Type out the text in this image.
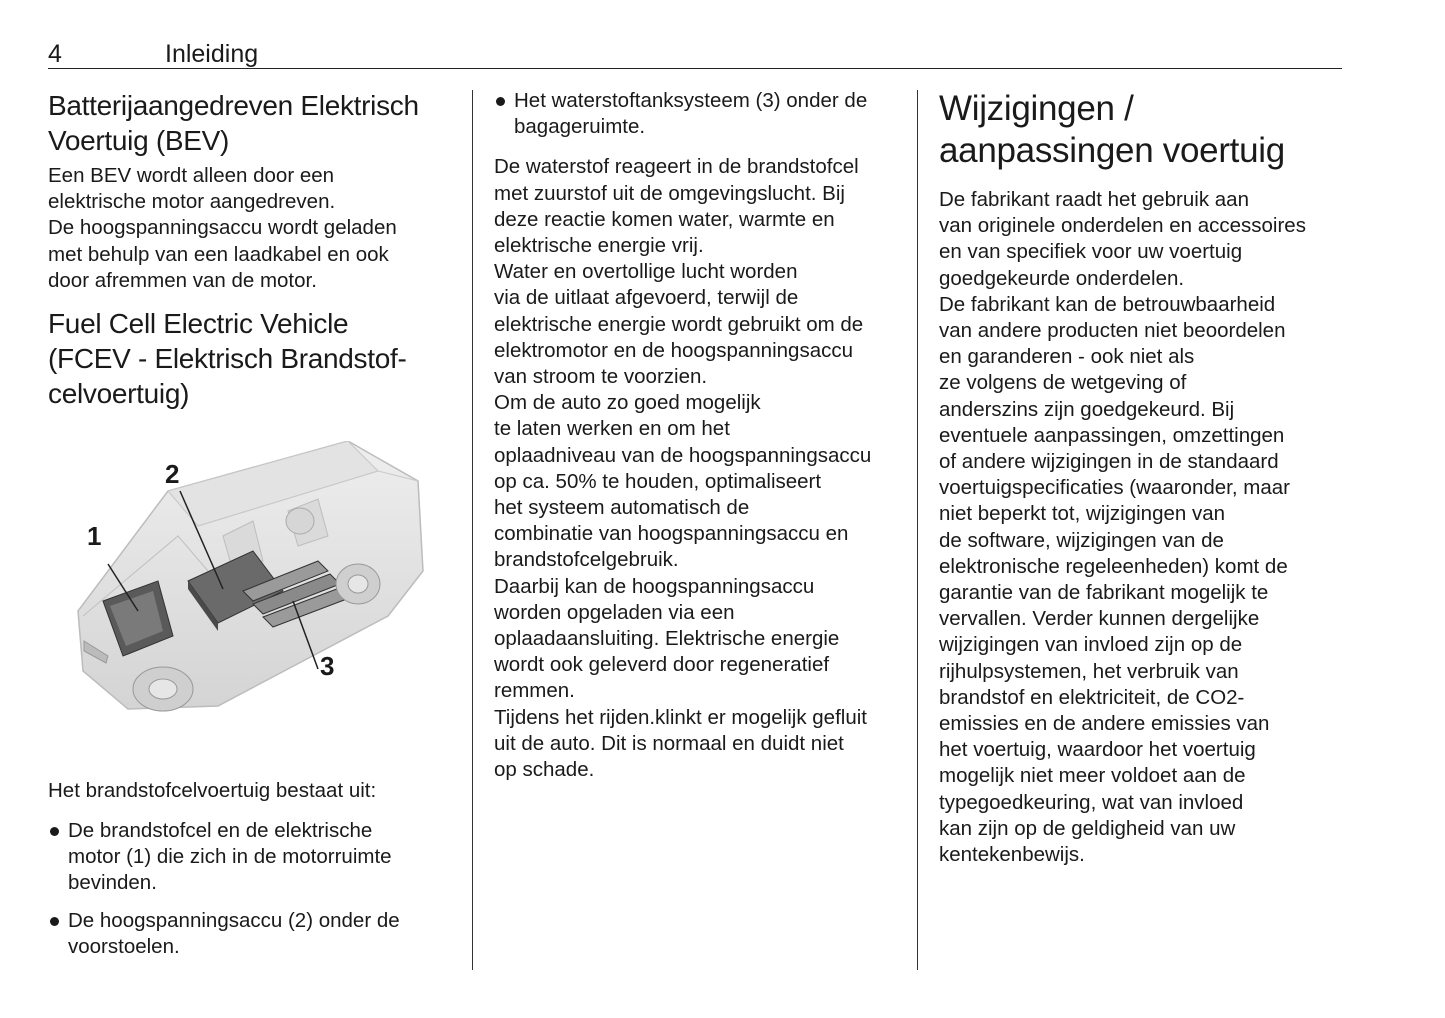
4	Inleiding
Batterijaangedreven Elektrisch
Voertuig (BEV)
Een BEV wordt alleen door een
elektrische motor aangedreven.
De hoogspanningsaccu wordt geladen
met behulp van een laadkabel en ook
door afremmen van de motor.
Fuel Cell Electric Vehicle
(FCEV - Elektrisch Brandstof-
celvoertuig)
1
2
3
Het brandstofcelvoertuig bestaat uit:
De brandstofcel en de elektrische
motor (1) die zich in de motorruimte
bevinden.
De hoogspanningsaccu (2) onder de
voorstoelen.
Het waterstoftanksysteem (3) onder de
bagageruimte.
De waterstof reageert in de brandstofcel
met zuurstof uit de omgevingslucht. Bij
deze reactie komen water, warmte en
elektrische energie vrij.
Water en overtollige lucht worden
via de uitlaat afgevoerd, terwijl de
elektrische energie wordt gebruikt om de
elektromotor en de hoogspanningsaccu
van stroom te voorzien.
Om de auto zo goed mogelijk
te laten werken en om het
oplaadniveau van de hoogspanningsaccu
op ca. 50% te houden, optimaliseert
het systeem automatisch de
combinatie van hoogspanningsaccu en
brandstofcelgebruik.
Daarbij kan de hoogspanningsaccu
worden opgeladen via een
oplaadaansluiting. Elektrische energie
wordt ook geleverd door regeneratief
remmen.
Tijdens het rijden.klinkt er mogelijk gefluit
uit de auto. Dit is normaal en duidt niet
op schade.
Wijzigingen /
aanpassingen voertuig
De fabrikant raadt het gebruik aan
van originele onderdelen en accessoires
en van specifiek voor uw voertuig
goedgekeurde onderdelen.
De fabrikant kan de betrouwbaarheid
van andere producten niet beoordelen
en garanderen - ook niet als
ze volgens de wetgeving of
anderszins zijn goedgekeurd. Bij
eventuele aanpassingen, omzettingen
of andere wijzigingen in de standaard
voertuigspecificaties (waaronder, maar
niet beperkt tot, wijzigingen van
de software, wijzigingen van de
elektronische regeleenheden) komt de
garantie van de fabrikant mogelijk te
vervallen. Verder kunnen dergelijke
wijzigingen van invloed zijn op de
rijhulpsystemen, het verbruik van
brandstof en elektriciteit, de CO2-
emissies en de andere emissies van
het voertuig, waardoor het voertuig
mogelijk niet meer voldoet aan de
typegoedkeuring, wat van invloed
kan zijn op de geldigheid van uw
kentekenbewijs.
